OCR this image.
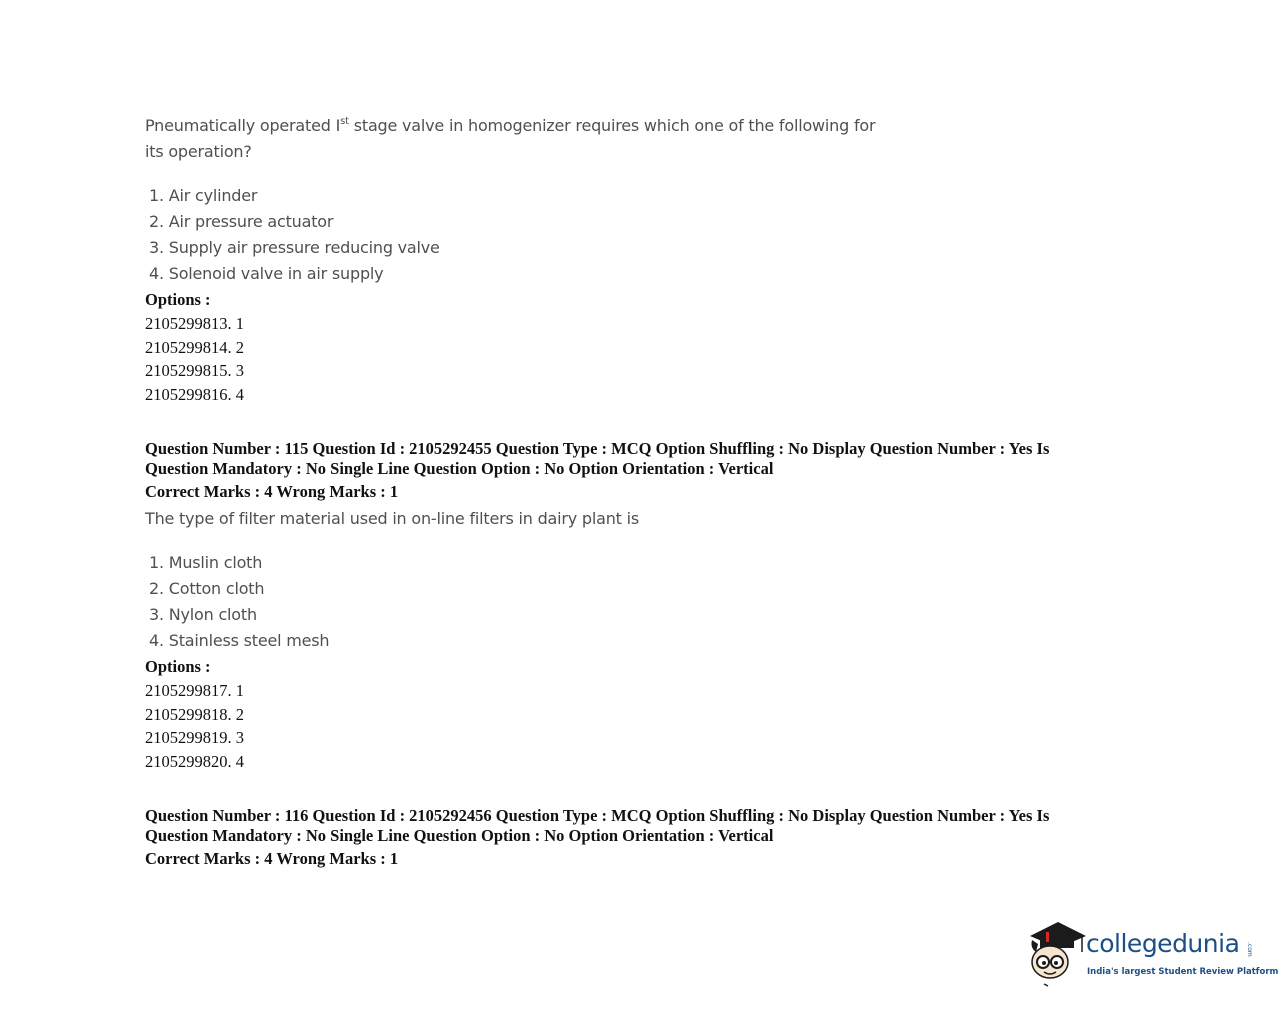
Pneumatically operated Ist stage valve in homogenizer requires which one of the following for
its operation?
1. Air cylinder
2. Air pressure actuator
3. Supply air pressure reducing valve
4. Solenoid valve in air supply
Options :
2105299813. 1
2105299814. 2
2105299815. 3
2105299816. 4
Question Number : 115 Question Id : 2105292455 Question Type : MCQ Option Shuffling : No Display Question Number : Yes Is
Question Mandatory : No Single Line Question Option : No Option Orientation : Vertical
Correct Marks : 4 Wrong Marks : 1
The type of filter material used in on-line filters in dairy plant is
1. Muslin cloth
2. Cotton cloth
3. Nylon cloth
4. Stainless steel mesh
Options :
2105299817. 1
2105299818. 2
2105299819. 3
2105299820. 4
Question Number : 116 Question Id : 2105292456 Question Type : MCQ Option Shuffling : No Display Question Number : Yes Is
Question Mandatory : No Single Line Question Option : No Option Orientation : Vertical
Correct Marks : 4 Wrong Marks : 1
collegedunia .com
India's largest Student Review Platform
